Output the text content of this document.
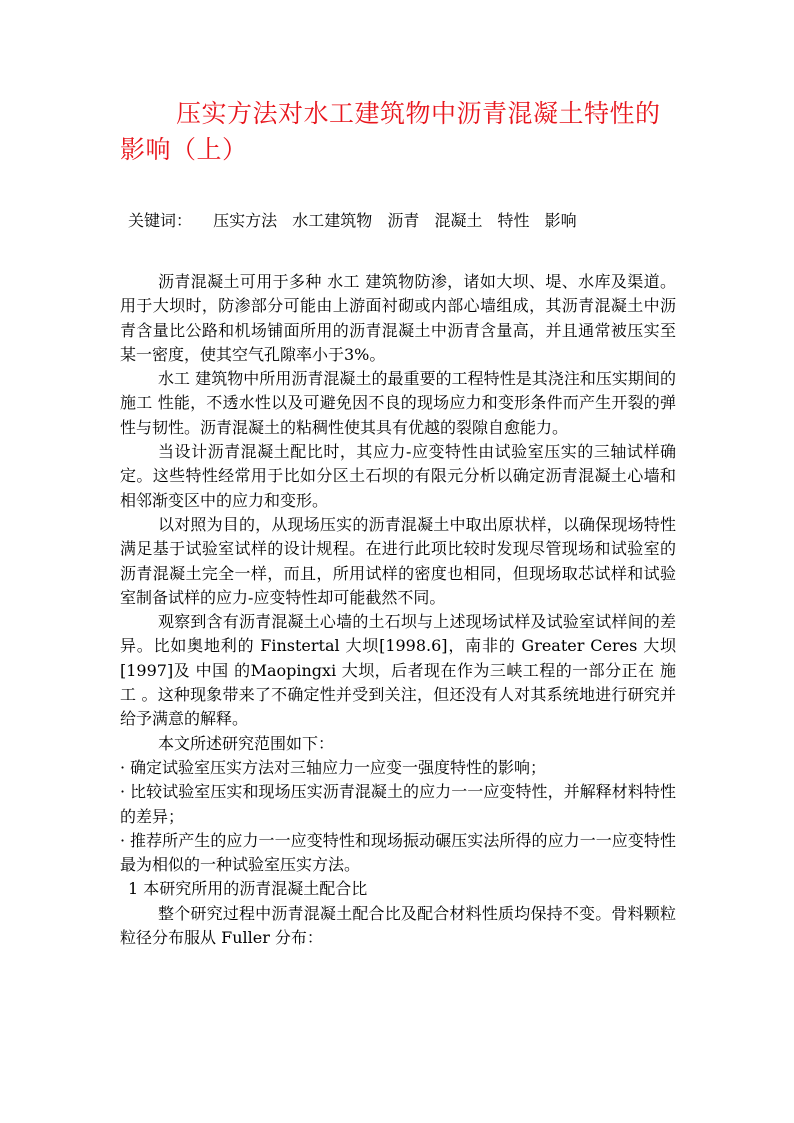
压实方法对水工建筑物中沥青混凝土特性的影响（上）
关键词： 压实方法 水工建筑物 沥青 混凝土 特性 影响

沥青混凝土可用于多种 水工 建筑物防渗，诸如大坝、堤、水库及渠道。用于大坝时，防渗部分可能由上游面衬砌或内部心墙组成，其沥青混凝土中沥青含量比公路和机场铺面所用的沥青混凝土中沥青含量高，并且通常被压实至某一密度，使其空气孔隙率小于3%。

水工 建筑物中所用沥青混凝土的最重要的工程特性是其浇注和压实期间的 施工 性能，不透水性以及可避免因不良的现场应力和变形条件而产生开裂的弹性与韧性。沥青混凝土的粘稠性使其具有优越的裂隙自愈能力。

当设计沥青混凝土配比时，其应力-应变特性由试验室压实的三轴试样确定。这些特性经常用于比如分区土石坝的有限元分析以确定沥青混凝土心墙和相邻渐变区中的应力和变形。

以对照为目的，从现场压实的沥青混凝土中取出原状样，以确保现场特性满足基于试验室试样的设计规程。在进行此项比较时发现尽管现场和试验室的沥青混凝土完全一样，而且，所用试样的密度也相同，但现场取芯试样和试验室制备试样的应力-应变特性却可能截然不同。

观察到含有沥青混凝土心墙的土石坝与上述现场试样及试验室试样间的差异。比如奥地利的 Finstertal 大坝[1998.6]，南非的 Greater Ceres 大坝[1997]及 中国 的Maopingxi 大坝，后者现在作为三峡工程的一部分正在 施工 。这种现象带来了不确定性并受到关注，但还没有人对其系统地进行研究并给予满意的解释。

本文所述研究范围如下：

· 确定试验室压实方法对三轴应力一应变一强度特性的影响；

· 比较试验室压实和现场压实沥青混凝土的应力一一应变特性，并解释材料特性的差异；

· 推荐所产生的应力一一应变特性和现场振动碾压实法所得的应力一一应变特性最为相似的一种试验室压实方法。

1 本研究所用的沥青混凝土配合比

整个研究过程中沥青混凝土配合比及配合材料性质均保持不变。骨料颗粒粒径分布服从 Fuller 分布：
